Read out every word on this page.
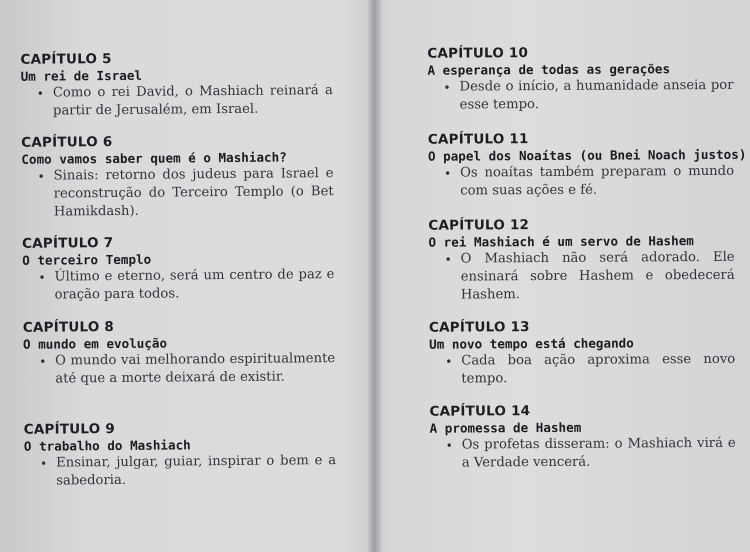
CAPÍTULO 5

Um rei de Israel

• Como o rei David, o Mashiach reinará a partir de Jerusalém, em Israel.

CAPÍTULO 6

Como vamos saber quem é o Mashiach?

• Sinais: retorno dos judeus para Israel e reconstrução do Terceiro Templo (o Bet Hamikdash).

CAPÍTULO 7

O terceiro Templo

• Último e eterno, será um centro de paz e oração para todos.

CAPÍTULO 8

O mundo em evolução

• O mundo vai melhorando espiritualmente até que a morte deixará de existir.

CAPÍTULO 9

O trabalho do Mashiach

• Ensinar, julgar, guiar, inspirar o bem e a sabedoria.

CAPÍTULO 10

A esperança de todas as gerações

• Desde o início, a humanidade anseia por esse tempo.

CAPÍTULO 11

O papel dos Noaítas (ou Bnei Noach justos)

• Os noaítas também preparam o mundo com suas ações e fé.

CAPÍTULO 12

O rei Mashiach é um servo de Hashem

• O Mashiach não será adorado. Ele ensinará sobre Hashem e obedecerá Hashem.

CAPÍTULO 13

Um novo tempo está chegando

• Cada boa ação aproxima esse novo tempo.

CAPÍTULO 14

A promessa de Hashem

• Os profetas disseram: o Mashiach virá e a Verdade vencerá.
